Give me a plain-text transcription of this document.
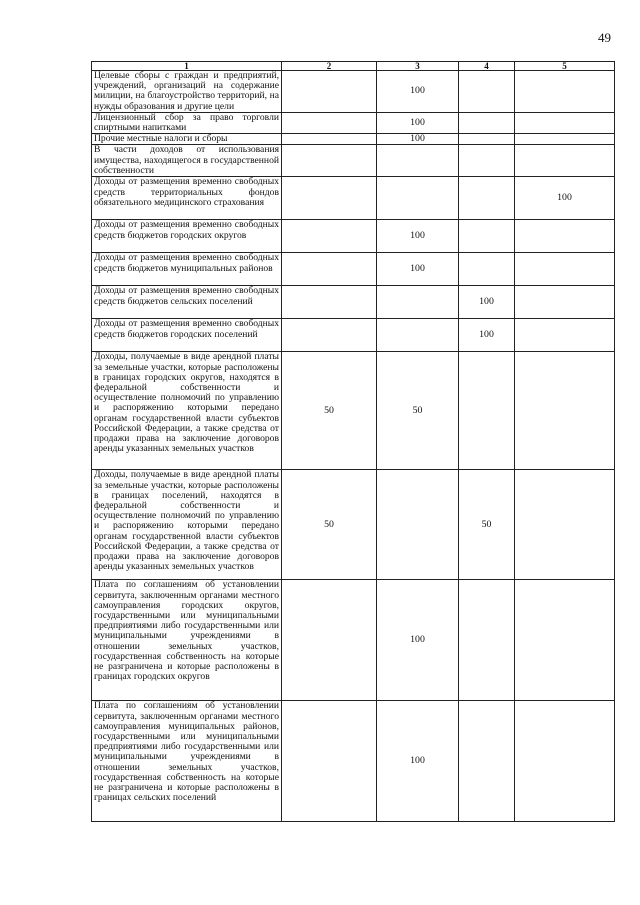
49
1	2	3	4	5
Целевые сборы с граждан и предприятий, учреждений, организаций на содержание милиции, на благоустройство территорий, на нужды образования и другие цели		100		
Лицензионный сбор за право торговли спиртными напитками		100		
Прочие местные налоги и сборы		100		
В части доходов от использования имущества, находящегося в государственной собственности				
Доходы от размещения временно свободных средств территориальных фондов обязательного медицинского страхования				100
Доходы от размещения временно свободных средств бюджетов городских округов		100		
Доходы от размещения временно свободных средств бюджетов муниципальных районов		100		
Доходы от размещения временно свободных средств бюджетов сельских поселений			100	
Доходы от размещения временно свободных средств бюджетов городских поселений			100	
Доходы, получаемые в виде арендной платы за земельные участки, которые расположены в границах городских округов, находятся в федеральной собственности и осуществление полномочий по управлению и распоряжению которыми передано органам государственной власти субъектов Российской Федерации, а также средства от продажи права на заключение договоров аренды указанных земельных участков	50	50		
Доходы, получаемые в виде арендной платы за земельные участки, которые расположены в границах поселений, находятся в федеральной собственности и осуществление полномочий по управлению и распоряжению которыми передано органам государственной власти субъектов Российской Федерации, а также средства от продажи права на заключение договоров аренды указанных земельных участков	50		50	
Плата по соглашениям об установлении сервитута, заключенным органами местного самоуправления городских округов, государственными или муниципальными предприятиями либо государственными или муниципальными учреждениями в отношении земельных участков, государственная собственность на которые не разграничена и которые расположены в границах городских округов		100		
Плата по соглашениям об установлении сервитута, заключенным органами местного самоуправления муниципальных районов, государственными или муниципальными предприятиями либо государственными или муниципальными учреждениями в отношении земельных участков, государственная собственность на которые не разграничена и которые расположены в границах сельских поселений		100		
